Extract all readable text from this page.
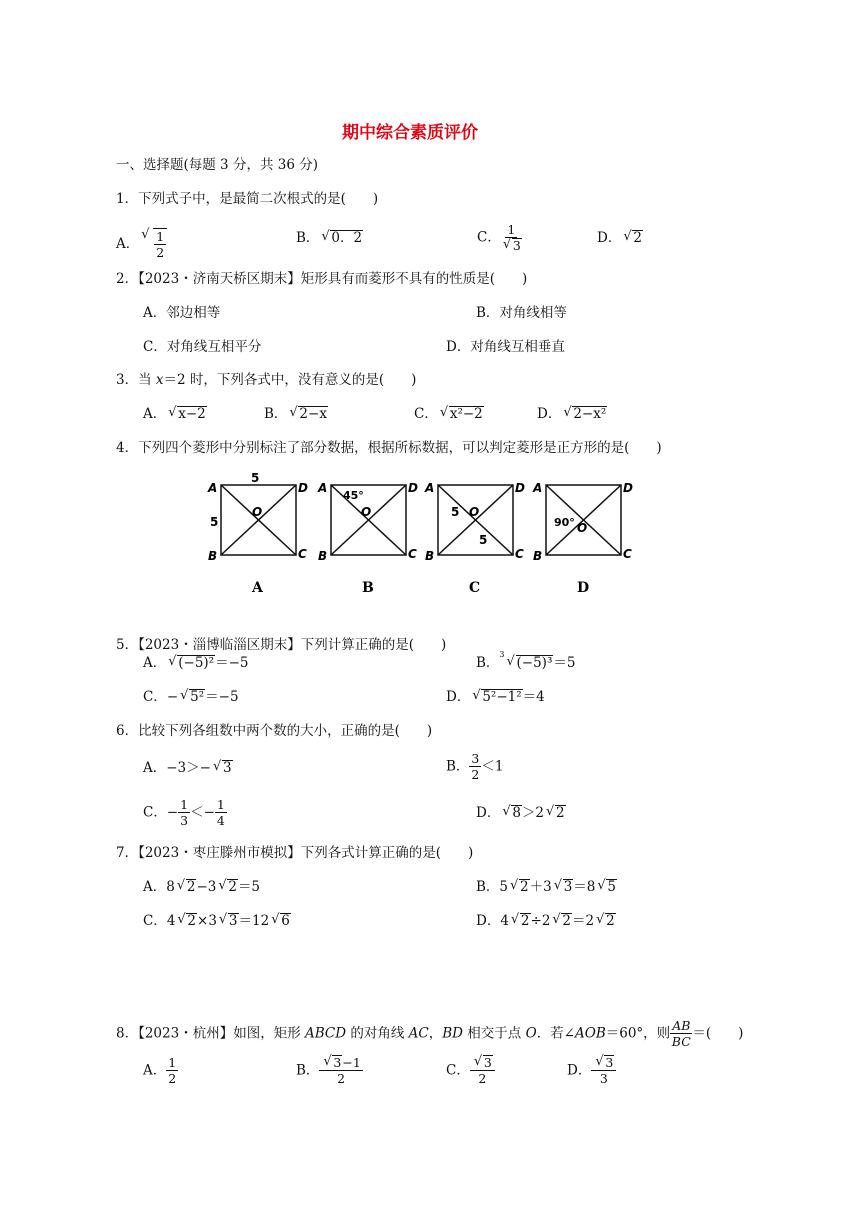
期中综合素质评价
一、选择题(每题 3 分，共 36 分)
1．下列式子中，是最简二次根式的是(　　)
A． √ $\frac{1}{2}$	B． √ 0．2	C． 1
√ 3	D． √ 2
2．【2023・济南天桥区期末】矩形具有而菱形不具有的性质是(　　)
A．邻边相等	B．对角线相等
C．对角线互相平分	D．对角线互相垂直
3．当 x＝2 时，下列各式中，没有意义的是(　　)
A． √ x−2	B． √ 2−x	C． √ x²−2	D． √ 2−x²
4．下列四个菱形中分别标注了部分数据，根据所标数据，可以判定菱形是正方形的是(　　)
A	D
B	C
O
5
5
A	D
B	C
O
45°
A	D
B	C
O
5
5
A	D
B	C
O
90°
A	B	C	D
5．【2023・淄博临淄区期末】下列计算正确的是(　　)
A． √ (−5)²＝−5	B．$^3$√ (−5)³＝5
C．− √ 5²＝−5	D． √ 5²−1²＝4
6．比较下列各组数中两个数的大小，正确的是(　　)
A．−3＞− √ 3	B． $\frac{3}{2} <1$
C．− $\frac{1}{3} <- \frac{1}{4}$	D． √ 8＞2 √ 2
7．【2023・枣庄滕州市模拟】下列各式计算正确的是(　　)
A．8 √ 2−3 √ 2＝5	B．5 √ 2＋3 √ 3＝8 √ 5
C．4 √ 2×3 √ 3＝12 √ 6	D．4 √ 2÷2 √ 2＝2 √ 2
8．【2023・杭州】如图，矩形 ABCD 的对角线 AC，BD 相交于点 O．若∠AOB＝60°，则 $\frac{AB}{BC}$ ＝(　　)
A． $\frac{1}{2}$	B． √ $\frac{3-1}{2}$	C． √ $\frac{3}{2}$	D． √ $\frac{3}{3}$
